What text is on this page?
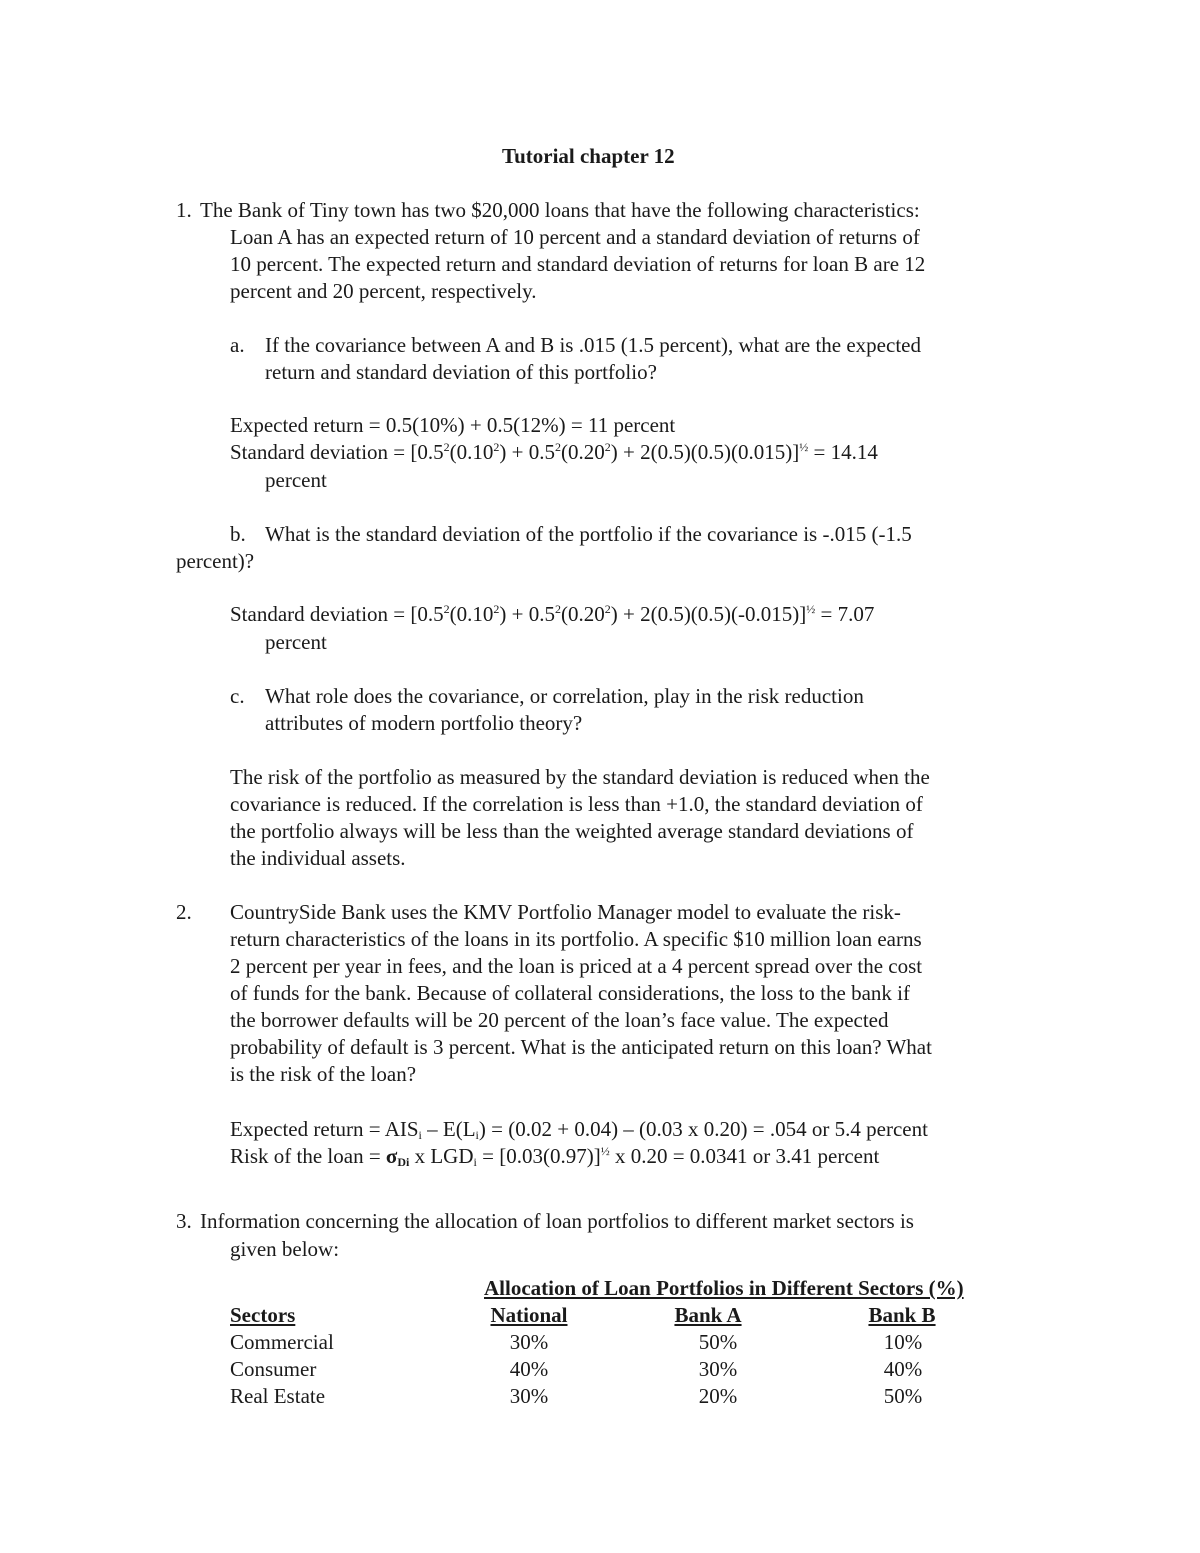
Tutorial chapter 12
1. The Bank of Tiny town has two $20,000 loans that have the following characteristics:
Loan A has an expected return of 10 percent and a standard deviation of returns of
10 percent. The expected return and standard deviation of returns for loan B are 12
percent and 20 percent, respectively.
a. If the covariance between A and B is .015 (1.5 percent), what are the expected
return and standard deviation of this portfolio?
Expected return = 0.5(10%) + 0.5(12%) = 11 percent
Standard deviation = $[0.5^2(0.10^2) + 0.5^2(0.20^2) + 2(0.5)(0.5)(0.015)]^{\frac{1}{2}} = 14.14$
percent
b. What is the standard deviation of the portfolio if the covariance is -.015 (-1.5
percent)?
Standard deviation = $[0.5^2(0.10^2) + 0.5^2(0.20^2) + 2(0.5)(0.5)(-0.015)]^{\frac{1}{2}} = 7.07$
percent
c. What role does the covariance, or correlation, play in the risk reduction
attributes of modern portfolio theory?
The risk of the portfolio as measured by the standard deviation is reduced when the
covariance is reduced. If the correlation is less than +1.0, the standard deviation of
the portfolio always will be less than the weighted average standard deviations of
the individual assets.
2. CountrySide Bank uses the KMV Portfolio Manager model to evaluate the risk-
return characteristics of the loans in its portfolio. A specific $10 million loan earns
2 percent per year in fees, and the loan is priced at a 4 percent spread over the cost
of funds for the bank. Because of collateral considerations, the loss to the bank if
the borrower defaults will be 20 percent of the loan’s face value. The expected
probability of default is 3 percent. What is the anticipated return on this loan? What
is the risk of the loan?
Expected return = $AIS_i - E(L_i) = (0.02 + 0.04) - (0.03$ x 0.20) = .054 or 5.4 percent
Risk of the loan = $\sigma_{Di}$ x $LGD_i = [0.03(0.97)]^{\frac{1}{2}}$ x 0.20 = 0.0341 or 3.41 percent
3. Information concerning the allocation of loan portfolios to different market sectors is
given below:
Allocation of Loan Portfolios in Different Sectors (%)
Sectors	National	Bank A	Bank B
Commercial	30%	50%	10%
Consumer	40%	30%	40%
Real Estate	30%	20%	50%
